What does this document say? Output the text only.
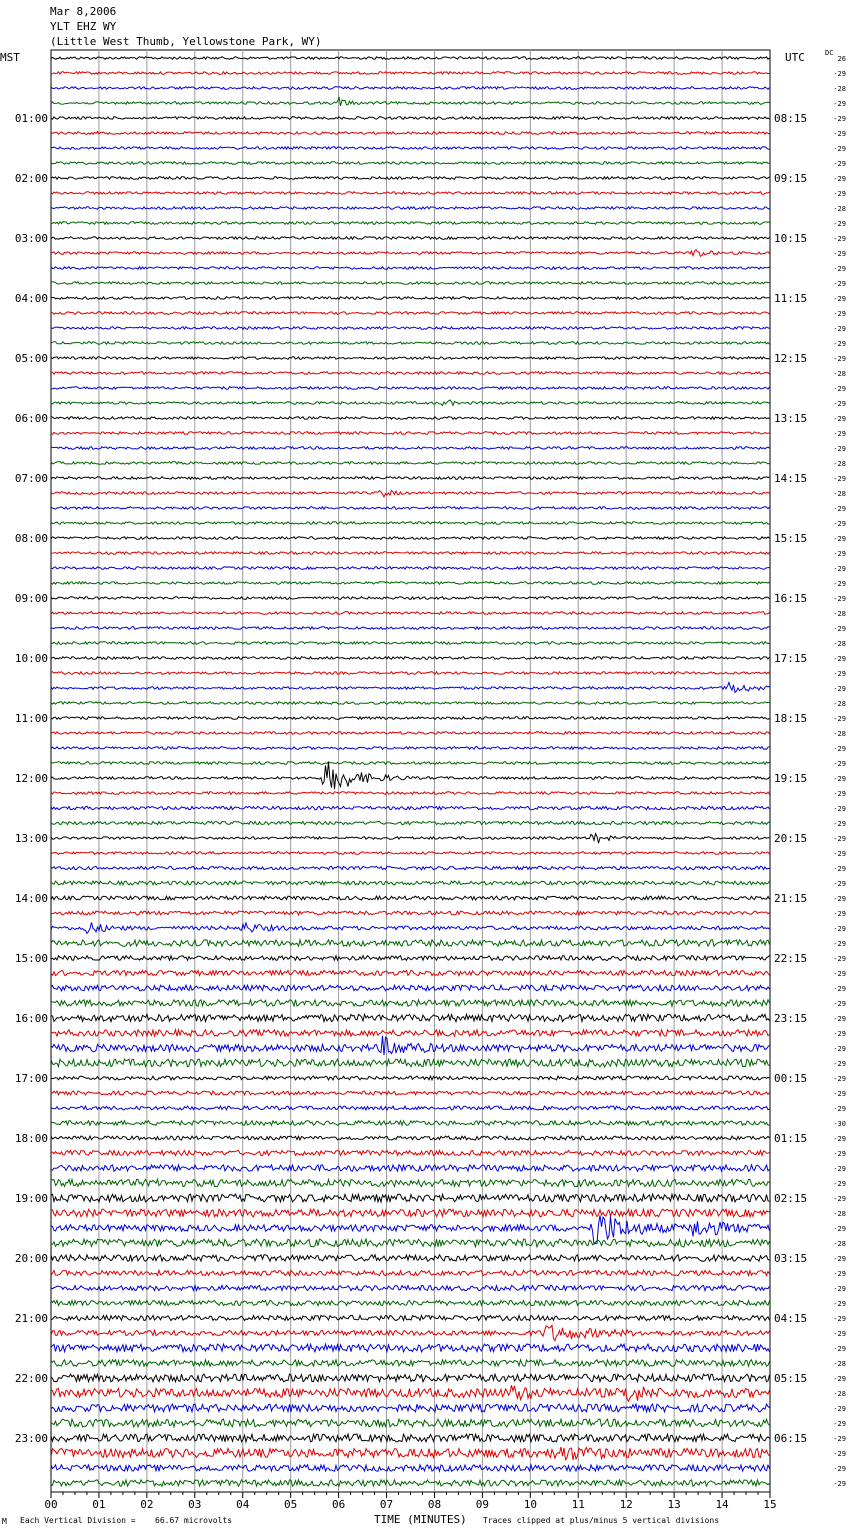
00	01	02	03	04	05	06	07	08	09	10	11	12	13	14	15
01:00
02:00
03:00
04:00
05:00
06:00
07:00
08:00
09:00
10:00
11:00
12:00
13:00
14:00
15:00
16:00
17:00
18:00
19:00
20:00
21:00
22:00
23:00
08:15
09:15
10:15
11:15
12:15
13:15
14:15
15:15
16:15
17:15
18:15
19:15
20:15
21:15
22:15
23:15
00:15
01:15
02:15
03:15
04:15
05:15
06:15
26
-29
-28
-29
-29
-29
-29
-29
-29
-29
-28
-29
-29
-29
-29
-29
-29
-29
-29
-29
-29
-28
-29
-29
-29
-29
-29
-28
-29
-28
-29
-29
-29
-29
-29
-29
-29
-28
-29
-28
-29
-29
-29
-28
-29
-28
-29
-29
-29
-29
-29
-29
-29
-29
-29
-29
-29
-29
-29
-29
-29
-29
-29
-29
-29
-29
-29
-29
-29
-29
-29
-30
-29
-29
-29
-29
-29
-28
-29
-28
-29
-29
-29
-29
-29
-29
-29
-28
-29
-28
-29
-29
-29
-29
-29
-29
Mar 8,2006
YLT EHZ WY
(Little West Thumb, Yellowstone Park, WY)
MST	UTC	DC
M Each Vertical Division = 66.67 microvolts	TIME (MINUTES) Traces clipped at plus/minus 5 vertical divisions
